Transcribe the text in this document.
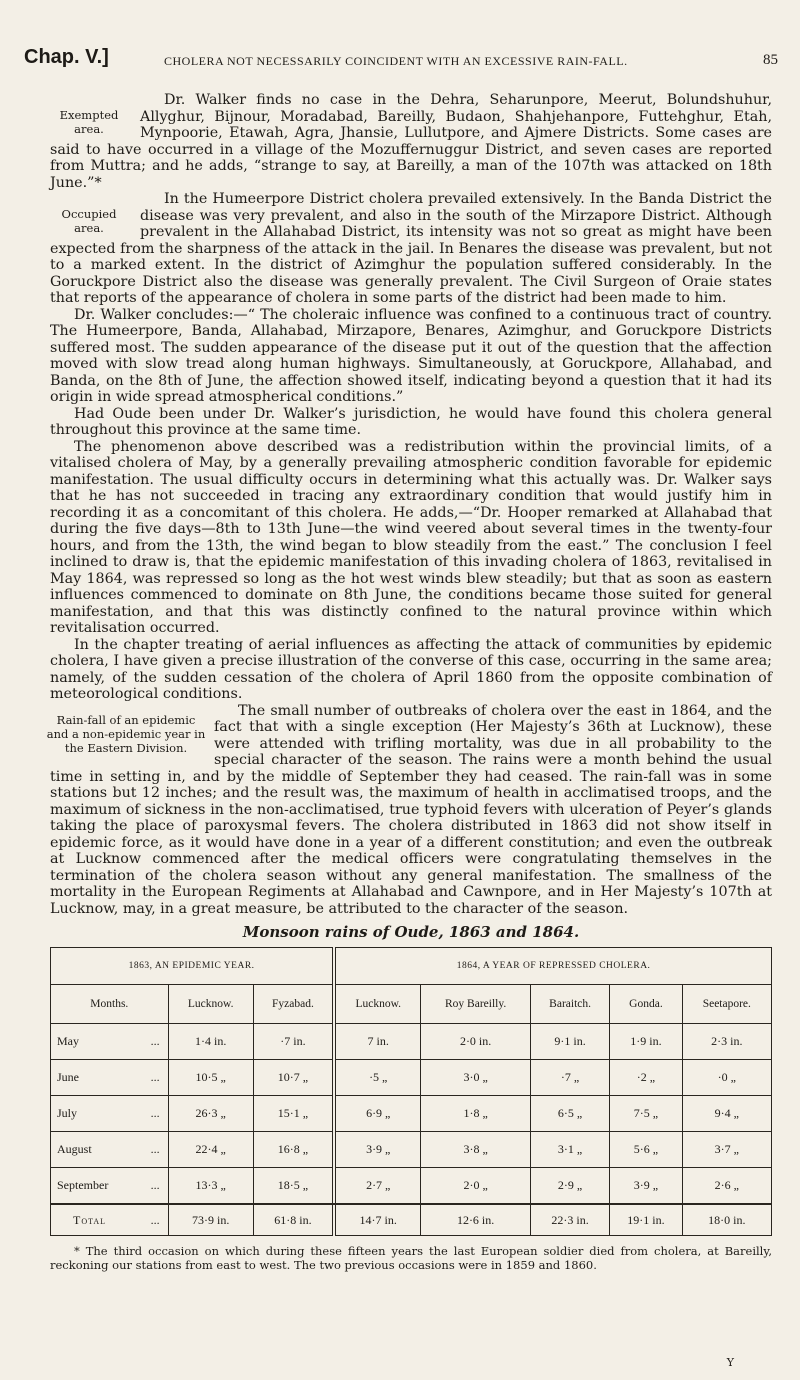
Chap. V.]	CHOLERA NOT NECESSARILY COINCIDENT WITH AN EXCESSIVE RAIN-FALL.	85
Exempted area.

Dr. Walker finds no case in the Dehra, Seharunpore, Meerut, Bolundshuhur, Allyghur, Bijnour, Moradabad, Bareilly, Budaon, Shahjehanpore, Futtehghur, Etah, Mynpoorie, Etawah, Agra, Jhansie, Lullutpore, and Ajmere Districts. Some cases are said to have occurred in a village of the Mozuffernuggur District, and seven cases are reported from Muttra; and he adds, “strange to say, at Bareilly, a man of the 107th was attacked on 18th June.”*

Occupied area.

In the Humeerpore District cholera prevailed extensively. In the Banda District the disease was very prevalent, and also in the south of the Mirzapore District. Although prevalent in the Allahabad District, its intensity was not so great as might have been expected from the sharpness of the attack in the jail. In Benares the disease was prevalent, but not to a marked extent. In the district of Azimghur the population suffered considerably. In the Goruckpore District also the disease was generally prevalent. The Civil Surgeon of Oraie states that reports of the appearance of cholera in some parts of the district had been made to him.

Dr. Walker concludes:—“ The choleraic influence was confined to a continuous tract of country. The Humeerpore, Banda, Allahabad, Mirzapore, Benares, Azimghur, and Goruckpore Districts suffered most. The sudden appearance of the disease put it out of the question that the affection moved with slow tread along human highways. Simultaneously, at Goruckpore, Allahabad, and Banda, on the 8th of June, the affection showed itself, indicating beyond a question that it had its origin in wide spread atmospherical conditions.”

Had Oude been under Dr. Walker’s jurisdiction, he would have found this cholera general throughout this province at the same time.

The phenomenon above described was a redistribution within the provincial limits, of a vitalised cholera of May, by a generally prevailing atmospheric condition favorable for epidemic manifestation. The usual difficulty occurs in determining what this actually was. Dr. Walker says that he has not succeeded in tracing any extraordinary condition that would justify him in recording it as a concomitant of this cholera. He adds,—“Dr. Hooper remarked at Allahabad that during the five days—8th to 13th June—the wind veered about several times in the twenty-four hours, and from the 13th, the wind began to blow steadily from the east.” The conclusion I feel inclined to draw is, that the epidemic manifestation of this invading cholera of 1863, revitalised in May 1864, was repressed so long as the hot west winds blew steadily; but that as soon as eastern influences commenced to dominate on 8th June, the conditions became those suited for general manifestation, and that this was distinctly confined to the natural province within which revitalisation occurred.

In the chapter treating of aerial influences as affecting the attack of communities by epidemic cholera, I have given a precise illustration of the converse of this case, occurring in the same area; namely, of the sudden cessation of the cholera of April 1860 from the opposite combination of meteorological conditions.

Rain-fall of an epidemic and a non-epidemic year in the Eastern Division.

The small number of outbreaks of cholera over the east in 1864, and the fact that with a single exception (Her Majesty’s 36th at Lucknow), these were attended with trifling mortality, was due in all probability to the special character of the season. The rains were a month behind the usual time in setting in, and by the middle of September they had ceased. The rain-fall was in some stations but 12 inches; and the result was, the maximum of health in acclimatised troops, and the maximum of sickness in the non-acclimatised, true typhoid fevers with ulceration of Peyer’s glands taking the place of paroxysmal fevers. The cholera distributed in 1863 did not show itself in epidemic force, as it would have done in a year of a different constitution; and even the outbreak at Lucknow commenced after the medical officers were congratulating themselves in the termination of the cholera season without any general manifestation. The smallness of the mortality in the European Regiments at Allahabad and Cawnpore, and in Her Majesty’s 107th at Lucknow, may, in a great measure, be attributed to the character of the season.

Monsoon rains of Oude, 1863 and 1864.
1863, AN EPIDEMIC YEAR.				1864, A YEAR OF REPRESSED CHOLERA.				
Months.	Lucknow.	Fyzabad.		Lucknow.	Roy Bareilly.	Baraitch.	Gonda.	Seetapore.
May ...	1·4 in.	·7 in.		7 in.	2·0 in.	9·1 in.	1·9 in.	2·3 in.
June ...	10·5 „	10·7 „		·5 „	3·0 „	·7 „	·2 „	·0 „
July ...	26·3 „	15·1 „		6·9 „	1·8 „	6·5 „	7·5 „	9·4 „
August ...	22·4 „	16·8 „		3·9 „	3·8 „	3·1 „	5·6 „	3·7 „
September ...	13·3 „	18·5 „		2·7 „	2·0 „	2·9 „	3·9 „	2·6 „
Total ...	73·9 in.	61·8 in.		14·7 in.	12·6 in.	22·3 in.	19·1 in.	18·0 in.
* The third occasion on which during these fifteen years the last European soldier died from cholera, at Bareilly, reckoning our stations from east to west. The two previous occasions were in 1859 and 1860.
Y
